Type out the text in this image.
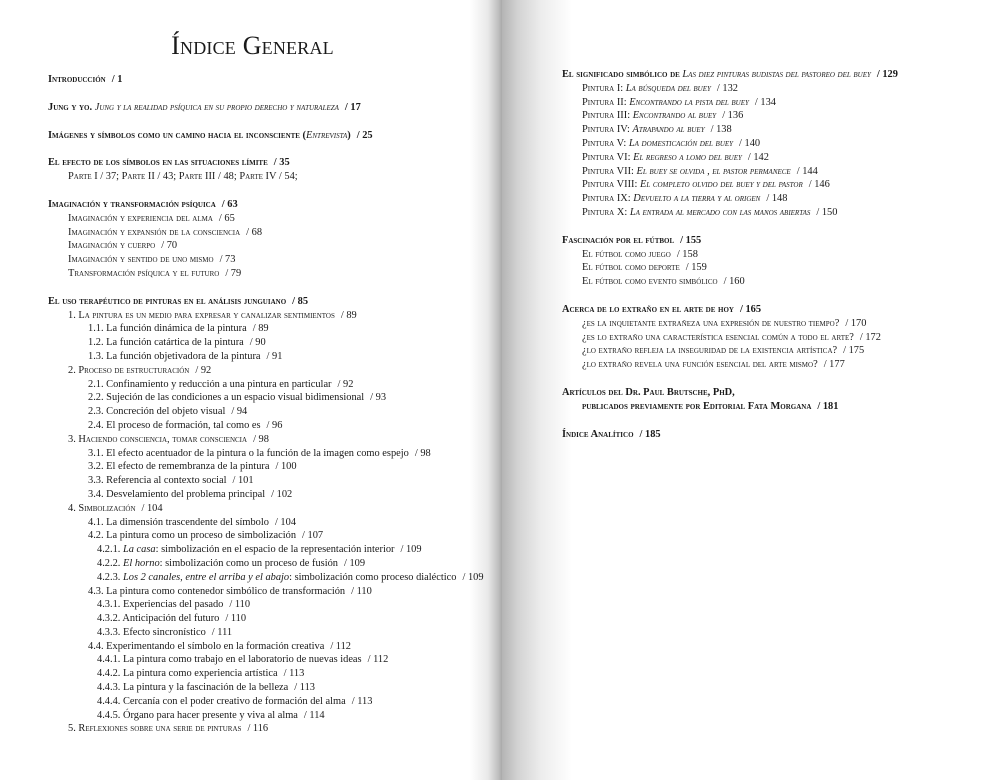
Índice General
Introducción / 1
Jung y yo. Jung y la realidad psíquica en su propio derecho y naturaleza / 17
Imágenes y símbolos como un camino hacia el inconsciente (Entrevista) / 25
El efecto de los símbolos en las situaciones límite / 35
Parte I / 37; Parte II / 43; Parte III / 48; Parte IV / 54;
Imaginación y transformación psíquica / 63
Imaginación y experiencia del alma / 65
Imaginación y expansión de la consciencia / 68
Imaginación y cuerpo / 70
Imaginación y sentido de uno mismo / 73
Transformación psíquica y el futuro / 79
El uso terapéutico de pinturas en el análisis junguiano / 85
1. La pintura es un medio para expresar y canalizar sentimientos / 89
1.1. La función dinámica de la pintura / 89
1.2. La función catártica de la pintura / 90
1.3. La función objetivadora de la pintura / 91
2. Proceso de estructuración / 92
2.1. Confinamiento y reducción a una pintura en particular / 92
2.2. Sujeción de las condiciones a un espacio visual bidimensional / 93
2.3. Concreción del objeto visual / 94
2.4. El proceso de formación, tal como es / 96
3. Haciendo consciencia, tomar consciencia / 98
3.1. El efecto acentuador de la pintura o la función de la imagen como espejo / 98
3.2. El efecto de remembranza de la pintura / 100
3.3. Referencia al contexto social / 101
3.4. Desvelamiento del problema principal / 102
4. Simbolización / 104
4.1. La dimensión trascendente del símbolo / 104
4.2. La pintura como un proceso de simbolización / 107
4.2.1. La casa: simbolización en el espacio de la representación interior / 109
4.2.2. El horno: simbolización como un proceso de fusión / 109
4.2.3. Los 2 canales, entre el arriba y el abajo: simbolización como proceso dialéctico / 109
4.3. La pintura como contenedor simbólico de transformación / 110
4.3.1. Experiencias del pasado / 110
4.3.2. Anticipación del futuro / 110
4.3.3. Efecto sincronístico / 111
4.4. Experimentando el símbolo en la formación creativa / 112
4.4.1. La pintura como trabajo en el laboratorio de nuevas ideas / 112
4.4.2. La pintura como experiencia artística / 113
4.4.3. La pintura y la fascinación de la belleza / 113
4.4.4. Cercanía con el poder creativo de formación del alma / 113
4.4.5. Órgano para hacer presente y viva al alma / 114
5. Reflexiones sobre una serie de pinturas / 116
El significado simbólico de Las diez pinturas budistas del pastoreo del buey / 129
Pintura I: La búsqueda del buey / 132
Pintura II: Encontrando la pista del buey / 134
Pintura III: Encontrando al buey / 136
Pintura IV: Atrapando al buey / 138
Pintura V: La domesticación del buey / 140
Pintura VI: El regreso a lomo del buey / 142
Pintura VII: El buey se olvida , el pastor permanece / 144
Pintura VIII: El completo olvido del buey y del pastor / 146
Pintura IX: Devuelto a la tierra y al origen / 148
Pintura X: La entrada al mercado con las manos abiertas / 150
Fascinación por el fútbol / 155
El fútbol como juego / 158
El fútbol como deporte / 159
El fútbol como evento simbólico / 160
Acerca de lo extraño en el arte de hoy / 165
¿es la inquietante extrañeza una expresión de nuestro tiempo? / 170
¿es lo extraño una característica esencial común a todo el arte? / 172
¿lo extraño refleja la inseguridad de la existencia artística? / 175
¿lo extraño revela una función esencial del arte mismo? / 177
Artículos del Dr. Paul Brutsche, PhD,
publicados previamente por Editorial Fata Morgana / 181
Índice Analítico / 185
